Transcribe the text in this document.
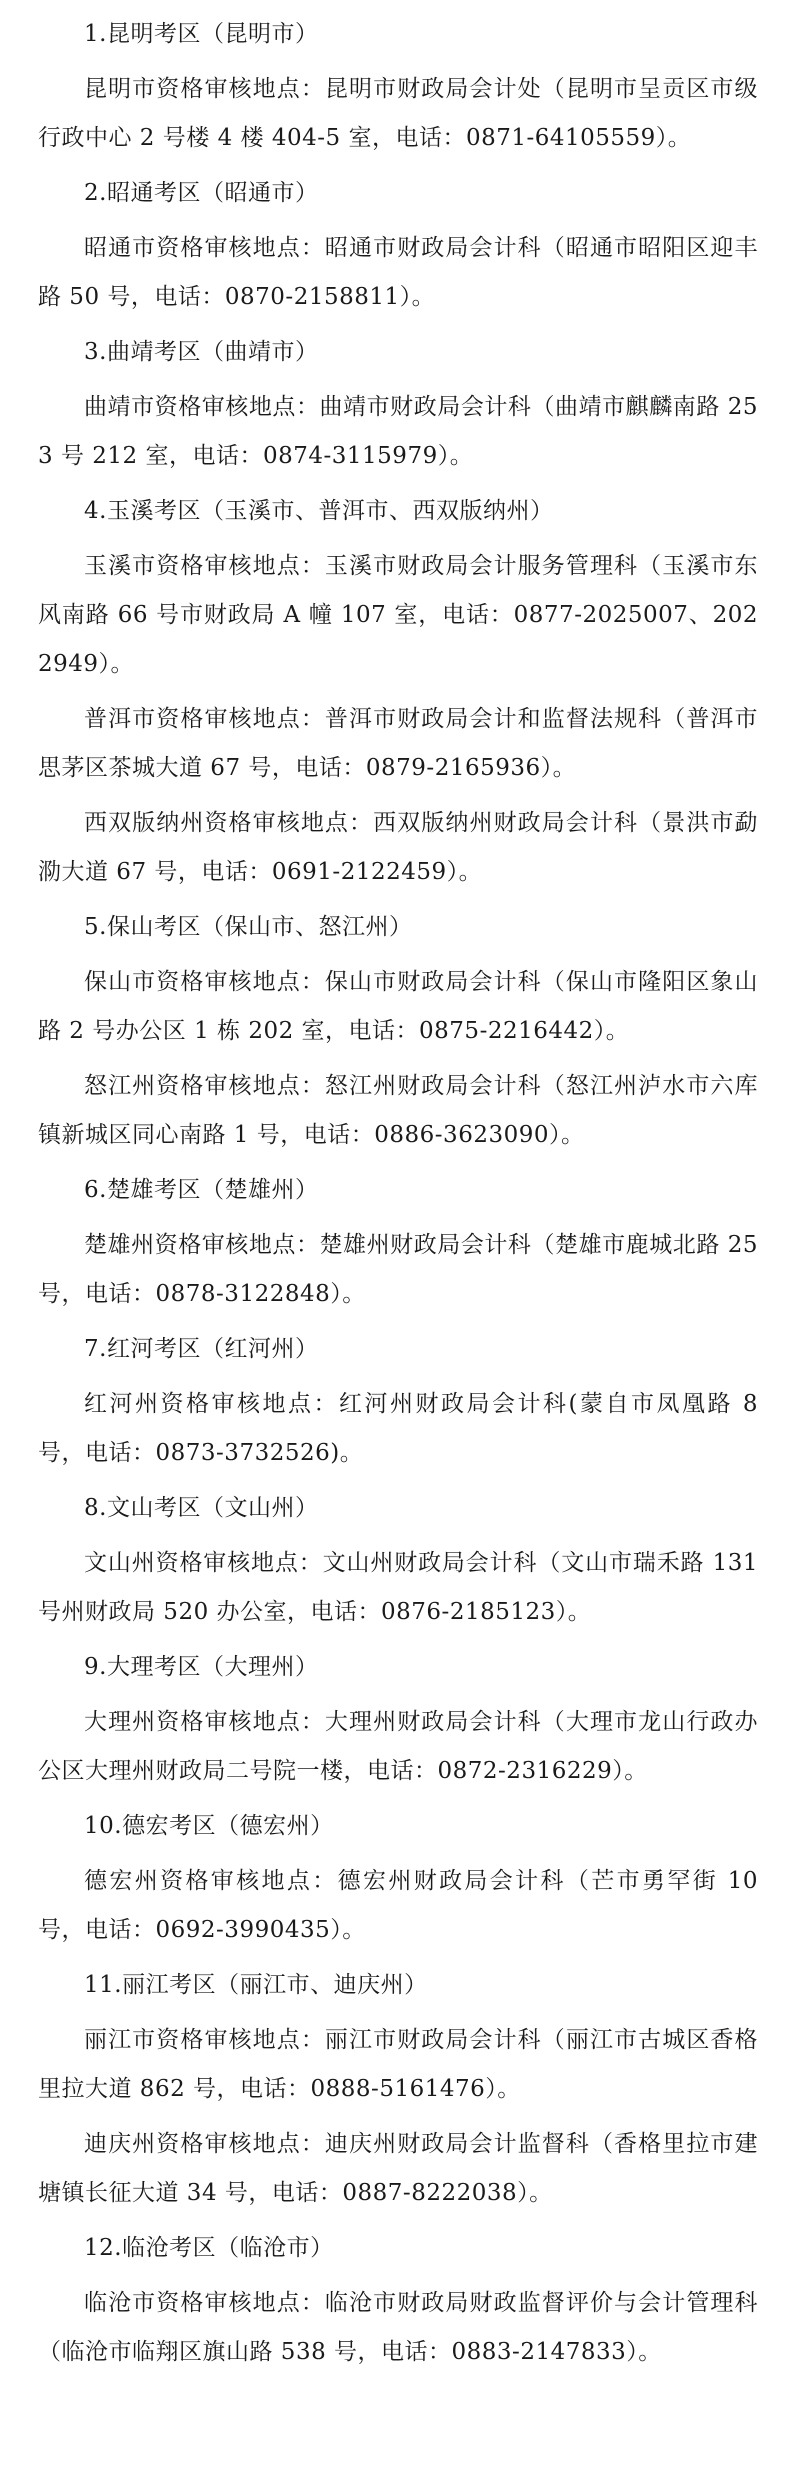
1.昆明考区（昆明市）

昆明市资格审核地点：昆明市财政局会计处（昆明市呈贡区市级行政中心 2 号楼 4 楼 404-5 室，电话：0871-64105559）。

2.昭通考区（昭通市）

昭通市资格审核地点：昭通市财政局会计科（昭通市昭阳区迎丰路 50 号，电话：0870-2158811）。

3.曲靖考区（曲靖市）

曲靖市资格审核地点：曲靖市财政局会计科（曲靖市麒麟南路 253 号 212 室，电话：0874-3115979）。

4.玉溪考区（玉溪市、普洱市、西双版纳州）

玉溪市资格审核地点：玉溪市财政局会计服务管理科（玉溪市东风南路 66 号市财政局 A 幢 107 室，电话：0877-2025007、2022949）。

普洱市资格审核地点：普洱市财政局会计和监督法规科（普洱市思茅区茶城大道 67 号，电话：0879-2165936）。

西双版纳州资格审核地点：西双版纳州财政局会计科（景洪市勐泐大道 67 号，电话：0691-2122459）。

5.保山考区（保山市、怒江州）

保山市资格审核地点：保山市财政局会计科（保山市隆阳区象山路 2 号办公区 1 栋 202 室，电话：0875-2216442）。

怒江州资格审核地点：怒江州财政局会计科（怒江州泸水市六库镇新城区同心南路 1 号，电话：0886-3623090）。

6.楚雄考区（楚雄州）

楚雄州资格审核地点：楚雄州财政局会计科（楚雄市鹿城北路 25 号，电话：0878-3122848）。

7.红河考区（红河州）

红河州资格审核地点：红河州财政局会计科(蒙自市凤凰路 8 号，电话：0873-3732526)。

8.文山考区（文山州）

文山州资格审核地点：文山州财政局会计科（文山市瑞禾路 131 号州财政局 520 办公室，电话：0876-2185123）。

9.大理考区（大理州）

大理州资格审核地点：大理州财政局会计科（大理市龙山行政办公区大理州财政局二号院一楼，电话：0872-2316229）。

10.德宏考区（德宏州）

德宏州资格审核地点：德宏州财政局会计科（芒市勇罕街 10 号，电话：0692-3990435）。

11.丽江考区（丽江市、迪庆州）

丽江市资格审核地点：丽江市财政局会计科（丽江市古城区香格里拉大道 862 号，电话：0888-5161476）。

迪庆州资格审核地点：迪庆州财政局会计监督科（香格里拉市建塘镇长征大道 34 号，电话：0887-8222038）。

12.临沧考区（临沧市）

临沧市资格审核地点：临沧市财政局财政监督评价与会计管理科（临沧市临翔区旗山路 538 号，电话：0883-2147833）。
